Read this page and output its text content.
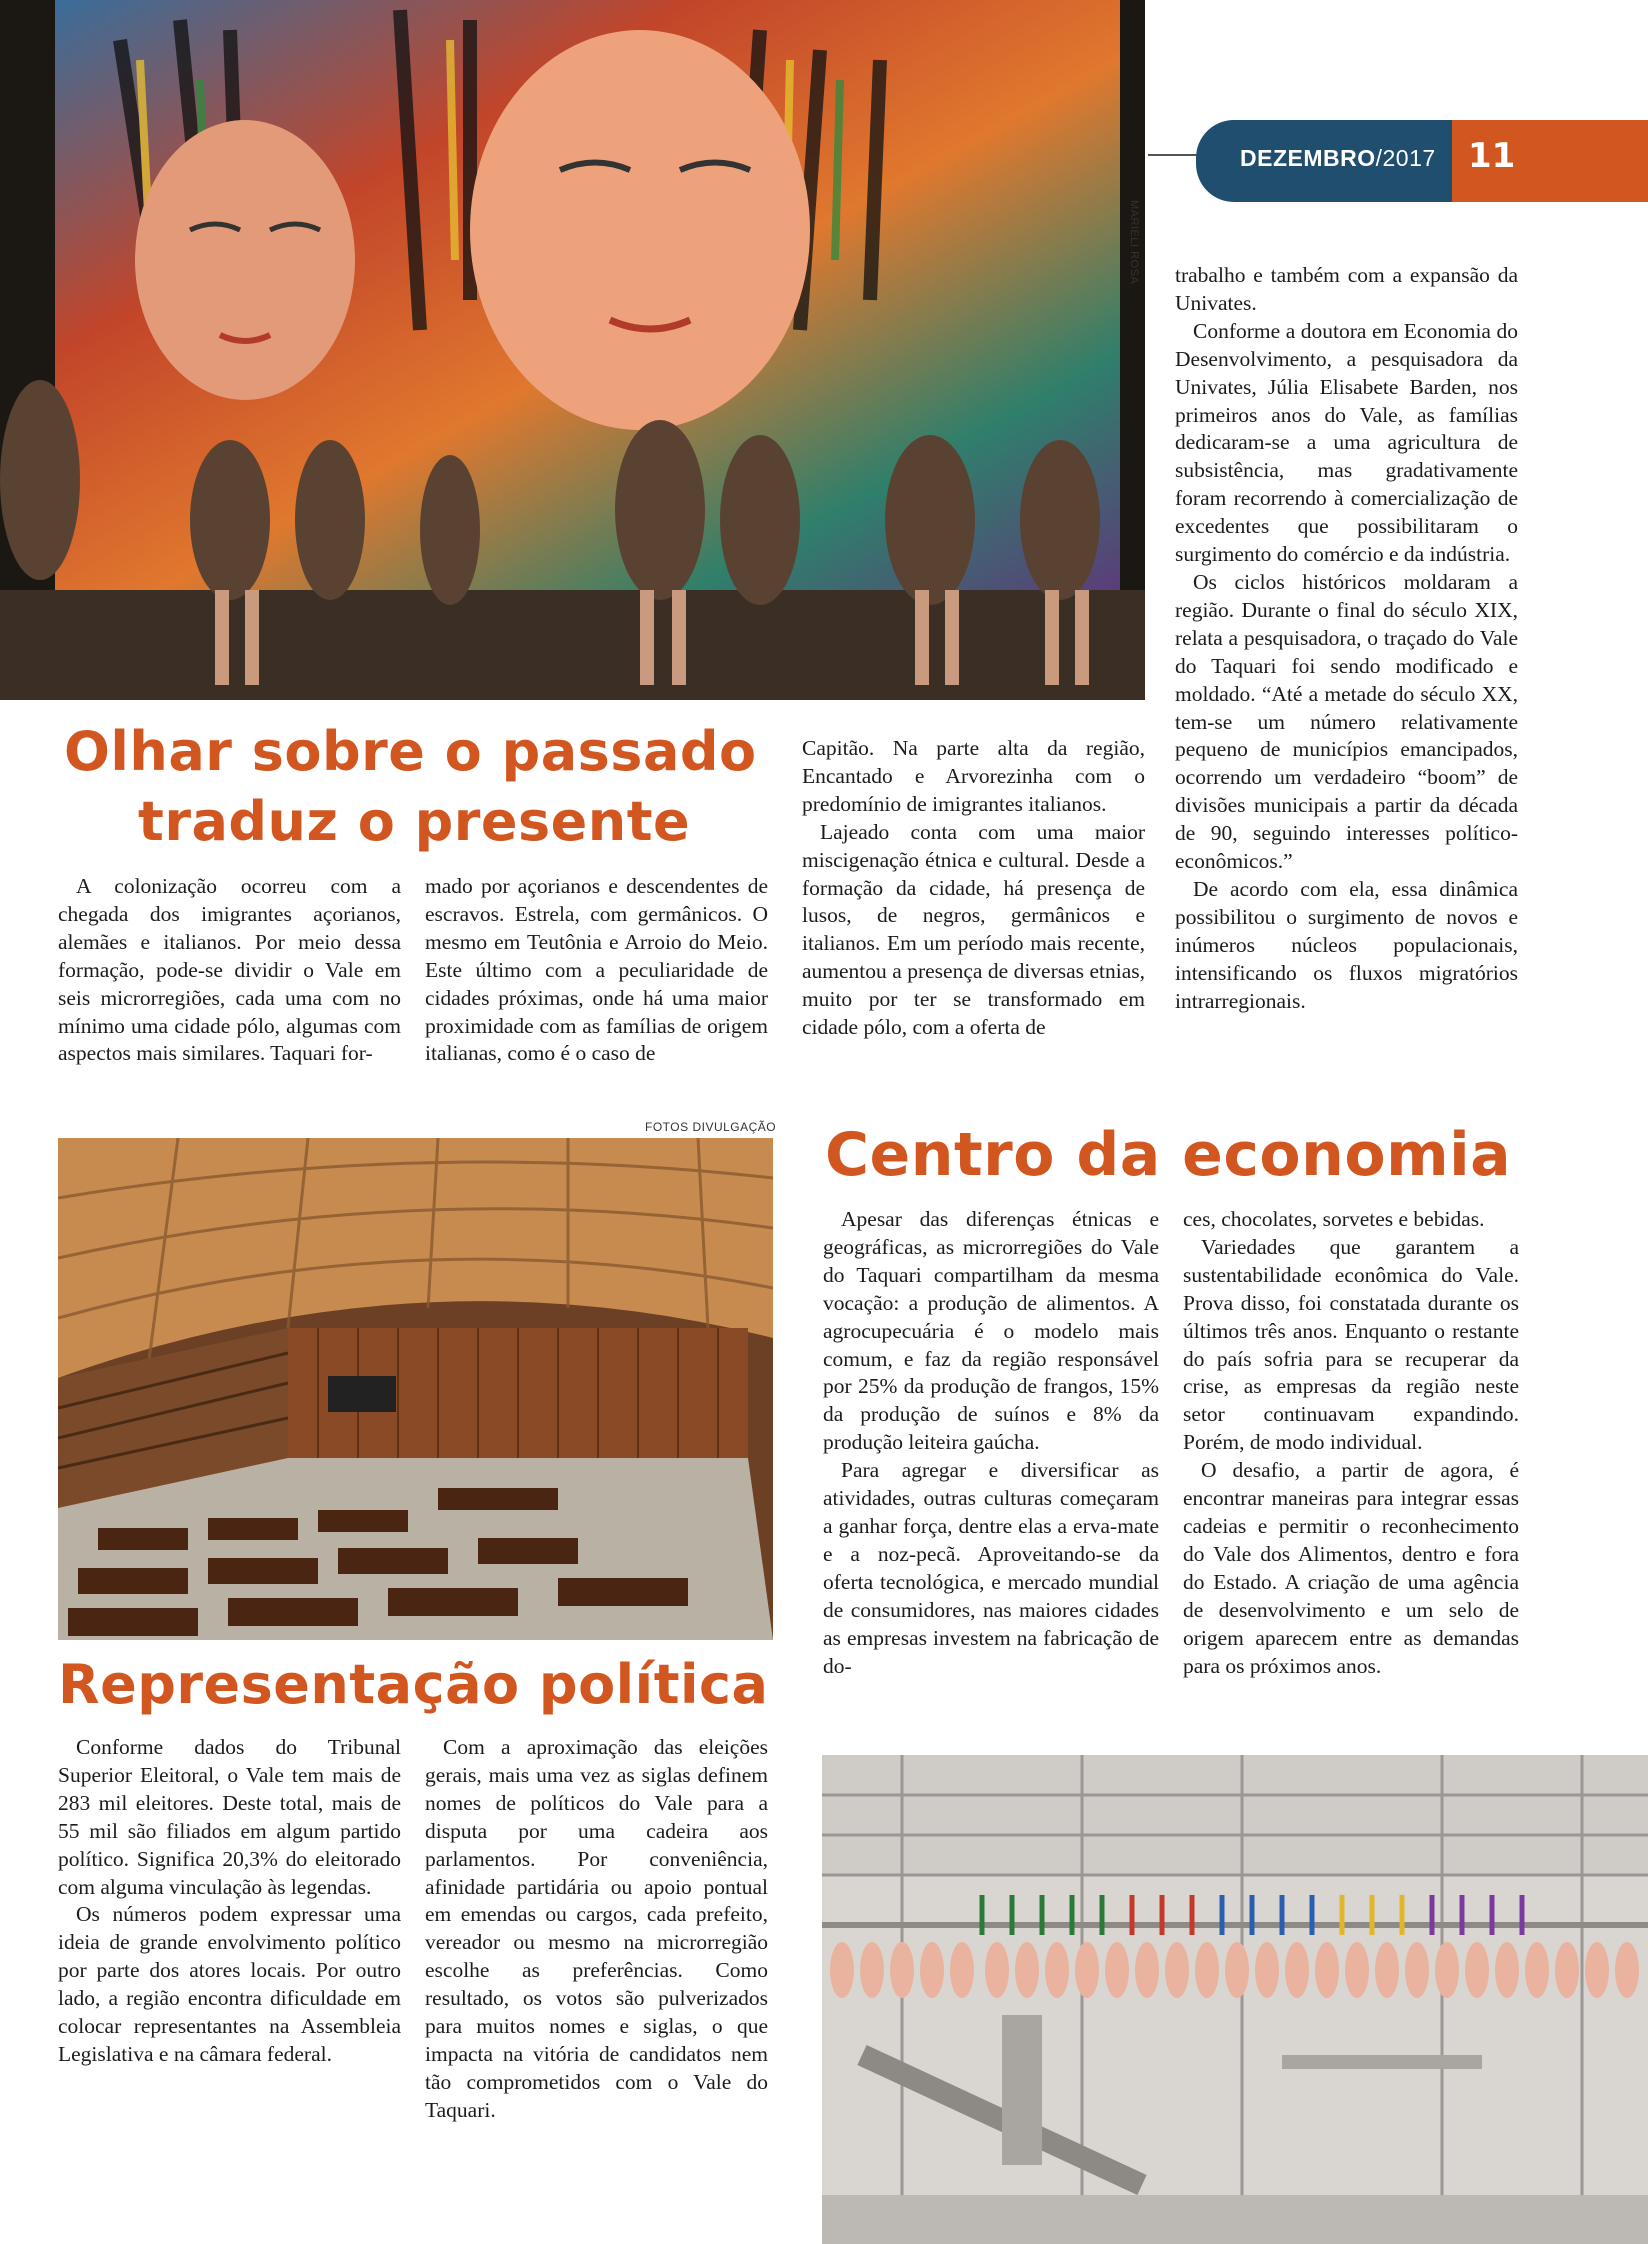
DEZEMBRO/2017 11
MARIELI ROSA
Olhar sobre o passado
traduz o presente

A colonização ocorreu com a chegada dos imigrantes açorianos, alemães e italianos. Por meio dessa formação, pode-se dividir o Vale em seis microrregiões, cada uma com no mínimo uma cidade pólo, algumas com aspectos mais similares. Taquari for-

mado por açorianos e descendentes de escravos. Estrela, com germânicos. O mesmo em Teutônia e Arroio do Meio. Este último com a peculiaridade de cidades próximas, onde há uma maior proximidade com as famílias de origem italianas, como é o caso de

Capitão. Na parte alta da região, Encantado e Arvorezinha com o predomínio de imigrantes italianos.

Lajeado conta com uma maior miscigenação étnica e cultural. Desde a formação da cidade, há presença de lusos, de negros, germânicos e italianos. Em um período mais recente, aumentou a presença de diversas etnias, muito por ter se transformado em cidade pólo, com a oferta de

trabalho e também com a expansão da Univates.

Conforme a doutora em Economia do Desenvolvimento, a pesquisadora da Univates, Júlia Elisabete Barden, nos primeiros anos do Vale, as famílias dedicaram-se a uma agricultura de subsistência, mas gradativamente foram recorrendo à comercialização de excedentes que possibilitaram o surgimento do comércio e da indústria.

Os ciclos históricos moldaram a região. Durante o final do século XIX, relata a pesquisadora, o traçado do Vale do Taquari foi sendo modificado e moldado. “Até a metade do século XX, tem-se um número relativamente pequeno de municípios emancipados, ocorrendo um verdadeiro “boom” de divisões municipais a partir da década de 90, seguindo interesses político-econômicos.”

De acordo com ela, essa dinâmica possibilitou o surgimento de novos e inúmeros núcleos populacionais, intensificando os fluxos migratórios intrarregionais.

FOTOS DIVULGAÇÃO
Representação política

Conforme dados do Tribunal Superior Eleitoral, o Vale tem mais de 283 mil eleitores. Deste total, mais de 55 mil são filiados em algum partido político. Significa 20,3% do eleitorado com alguma vinculação às legendas.

Os números podem expressar uma ideia de grande envolvimento político por parte dos atores locais. Por outro lado, a região encontra dificuldade em colocar representantes na Assembleia Legislativa e na câmara federal.

Com a aproximação das eleições gerais, mais uma vez as siglas definem nomes de políticos do Vale para a disputa por uma cadeira aos parlamentos. Por conveniência, afinidade partidária ou apoio pontual em emendas ou cargos, cada prefeito, vereador ou mesmo na microrregião escolhe as preferências. Como resultado, os votos são pulverizados para muitos nomes e siglas, o que impacta na vitória de candidatos nem tão comprometidos com o Vale do Taquari.

Centro da economia

Apesar das diferenças étnicas e geográficas, as microrregiões do Vale do Taquari compartilham da mesma vocação: a produção de alimentos. A agrocupecuária é o modelo mais comum, e faz da região responsável por 25% da produção de frangos, 15% da produção de suínos e 8% da produção leiteira gaúcha.

Para agregar e diversificar as atividades, outras culturas começaram a ganhar força, dentre elas a erva-mate e a noz-pecã. Aproveitando-se da oferta tecnológica, e mercado mundial de consumidores, nas maiores cidades as empresas investem na fabricação de do-

ces, chocolates, sorvetes e bebidas.

Variedades que garantem a sustentabilidade econômica do Vale. Prova disso, foi constatada durante os últimos três anos. Enquanto o restante do país sofria para se recuperar da crise, as empresas da região neste setor continuavam expandindo. Porém, de modo individual.

O desafio, a partir de agora, é encontrar maneiras para integrar essas cadeias e permitir o reconhecimento do Vale dos Alimentos, dentro e fora do Estado. A criação de uma agência de desenvolvimento e um selo de origem aparecem entre as demandas para os próximos anos.
